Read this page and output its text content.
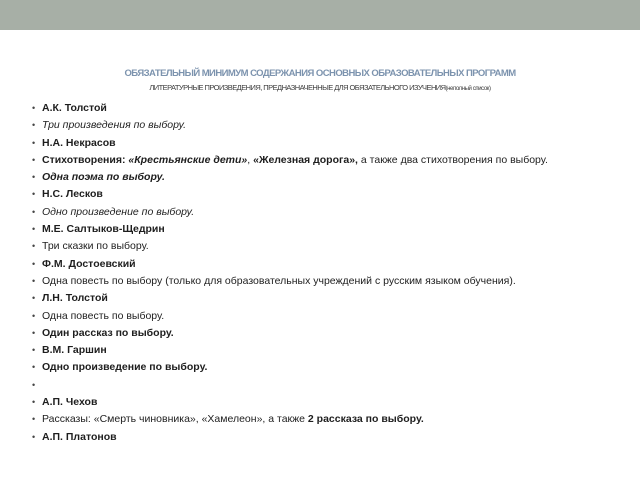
ОБЯЗАТЕЛЬНЫЙ МИНИМУМ СОДЕРЖАНИЯ ОСНОВНЫХ ОБРАЗОВАТЕЛЬНЫХ ПРОГРАММ
ЛИТЕРАТУРНЫЕ ПРОИЗВЕДЕНИЯ, ПРЕДНАЗНАЧЕННЫЕ ДЛЯ ОБЯЗАТЕЛЬНОГО ИЗУЧЕНИЯ(неполный список)
• А.К. Толстой
• Три произведения по выбору.
• Н.А. Некрасов
• Стихотворения: «Крестьянские дети», «Железная дорога», а также два стихотворения по выбору.
• Одна поэма по выбору.
• Н.С. Лесков
• Одно произведение по выбору.
• М.Е. Салтыков-Щедрин
• Три сказки по выбору.
• Ф.М. Достоевский
• Одна повесть по выбору (только для образовательных учреждений с русским языком обучения).
• Л.Н. Толстой
• Одна повесть по выбору.
• Один рассказ по выбору.
• В.М. Гаршин
• Одно произведение по выбору.
•
• А.П. Чехов
• Рассказы: «Смерть чиновника», «Хамелеон», а также 2 рассказа по выбору.
• А.П. Платонов
